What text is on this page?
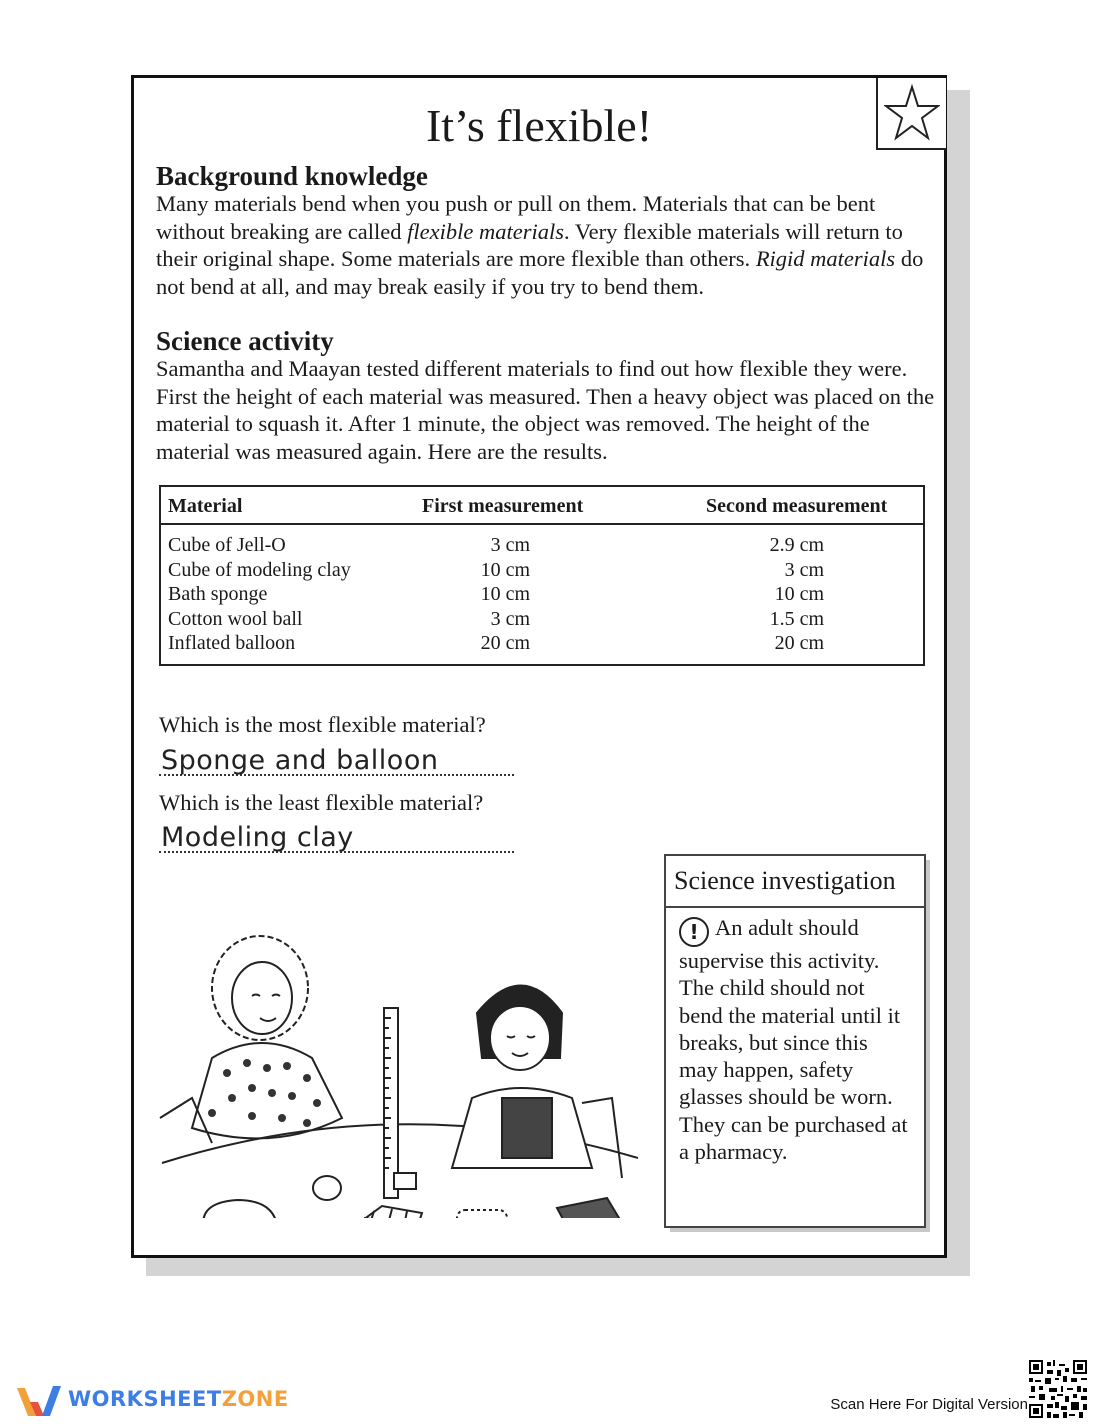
It’s flexible!
Background knowledge
Many materials bend when you push or pull on them. Materials that can be bent without breaking are called flexible materials. Very flexible materials will return to their original shape. Some materials are more flexible than others. Rigid materials do not bend at all, and may break easily if you try to bend them.
Science activity
Samantha and Maayan tested different materials to find out how flexible they were. First the height of each material was measured. Then a heavy object was placed on the material to squash it. After 1 minute, the object was removed. The height of the material was measured again. Here are the results.
Material	First measurement	Second measurement
Cube of Jell-O	3 cm	2.9 cm
Cube of modeling clay	10 cm	3 cm
Bath sponge	10 cm	10 cm
Cotton wool ball	3 cm	1.5 cm
Inflated balloon	20 cm	20 cm
Which is the most flexible material?
Sponge and balloon
Which is the least flexible material?
Modeling clay
Science investigation
! An adult should supervise this activity. The child should not bend the material until it breaks, but since this may happen, safety glasses should be worn. They can be purchased at a pharmacy.
WORKSHEETZONE	Scan Here For Digital Version
